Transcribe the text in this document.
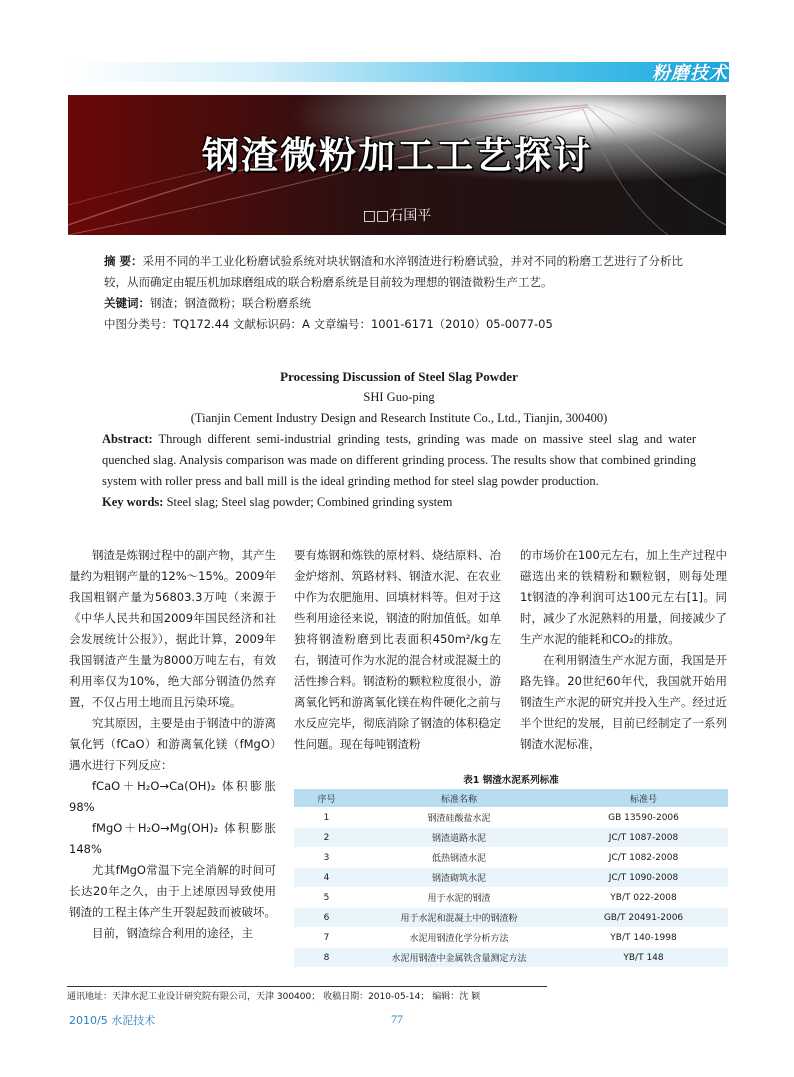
粉磨技术
钢渣微粉加工工艺探讨
□□石国平
摘 要：采用不同的半工业化粉磨试验系统对块状钢渣和水淬钢渣进行粉磨试验，并对不同的粉磨工艺进行了分析比较，从而确定由辊压机加球磨组成的联合粉磨系统是目前较为理想的钢渣微粉生产工艺。
关键词：钢渣；钢渣微粉；联合粉磨系统
中图分类号：TQ172.44 文献标识码：A 文章编号：1001-6171（2010）05-0077-05
Processing Discussion of Steel Slag Powder
SHI Guo-ping
(Tianjin Cement Industry Design and Research Institute Co., Ltd., Tianjin, 300400)
Abstract: Through different semi-industrial grinding tests, grinding was made on massive steel slag and water quenched slag. Analysis comparison was made on different grinding process. The results show that combined grinding system with roller press and ball mill is the ideal grinding method for steel slag powder production.
Key words: Steel slag; Steel slag powder; Combined grinding system

钢渣是炼钢过程中的副产物，其产生量约为粗钢产量的12%～15%。2009年我国粗钢产量为56803.3万吨（来源于《中华人民共和国2009年国民经济和社会发展统计公报》），据此计算，2009年我国钢渣产生量为8000万吨左右，有效利用率仅为10%，绝大部分钢渣仍然弃置，不仅占用土地而且污染环境。

究其原因，主要是由于钢渣中的游离氧化钙（fCaO）和游离氧化镁（fMgO）遇水进行下列反应：

fCaO＋H₂O→Ca(OH)₂ 体积膨胀98%

fMgO＋H₂O→Mg(OH)₂ 体积膨胀148%

尤其fMgO常温下完全消解的时间可长达20年之久，由于上述原因导致使用钢渣的工程主体产生开裂起鼓而被破坏。

目前，钢渣综合利用的途径，主

要有炼钢和炼铁的原材料、烧结原料、冶金炉熔剂、筑路材料、钢渣水泥、在农业中作为农肥施用、回填材料等。但对于这些利用途径来说，钢渣的附加值低。如单独将钢渣粉磨到比表面积450m²/kg左右，钢渣可作为水泥的混合材或混凝土的活性掺合料。钢渣粉的颗粒粒度很小，游离氧化钙和游离氧化镁在构件硬化之前与水反应完毕，彻底消除了钢渣的体积稳定性问题。现在每吨钢渣粉

的市场价在100元左右，加上生产过程中磁选出来的铁精粉和颗粒钢，则每处理1t钢渣的净利润可达100元左右[1]。同时，减少了水泥熟料的用量，间接减少了生产水泥的能耗和CO₂的排放。

在利用钢渣生产水泥方面，我国是开路先锋。20世纪60年代，我国就开始用钢渣生产水泥的研究并投入生产。经过近半个世纪的发展，目前已经制定了一系列钢渣水泥标准，

表1 钢渣水泥系列标准
序号	标准名称	标准号
1	钢渣硅酸盐水泥	GB 13590-2006
2	钢渣道路水泥	JC/T 1087-2008
3	低热钢渣水泥	JC/T 1082-2008
4	钢渣砌筑水泥	JC/T 1090-2008
5	用于水泥的钢渣	YB/T 022-2008
6	用于水泥和混凝土中的钢渣粉	GB/T 20491-2006
7	水泥用钢渣化学分析方法	YB/T 140-1998
8	水泥用钢渣中金属铁含量测定方法	YB/T 148
通讯地址：天津水泥工业设计研究院有限公司，天津 300400； 收稿日期：2010-05-14； 编辑：沈 颖
2010/5 水泥技术	77
